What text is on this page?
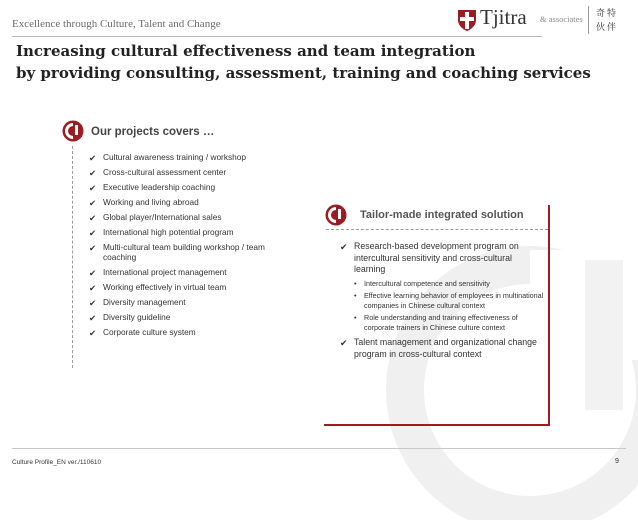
Excellence through Culture, Talent and Change	Tjitra & associates
奇特
伙伴
Increasing cultural effectiveness and team integration
by providing consulting, assessment, training and coaching services
Our projects covers …
✔ Cultural awareness training / workshop
✔ Cross-cultural assessment center
✔ Executive leadership coaching
✔ Working and living abroad
✔ Global player/International sales
✔ International high potential program
✔ Multi-cultural team building workshop / team coaching
✔ International project management
✔ Working effectively in virtual team
✔ Diversity management
✔ Diversity guideline
✔ Corporate culture system
Tailor-made integrated solution
✔ Research-based development program on intercultural sensitivity and cross-cultural learning
• Intercultural competence and sensitivity
• Effective learning behavior of employees in multinational companies in Chinese cultural context
• Role understanding and training effectiveness of corporate trainers in Chinese culture context
✔ Talent management and organizational change program in cross-cultural context
Culture Profile_EN ver./110610	9
